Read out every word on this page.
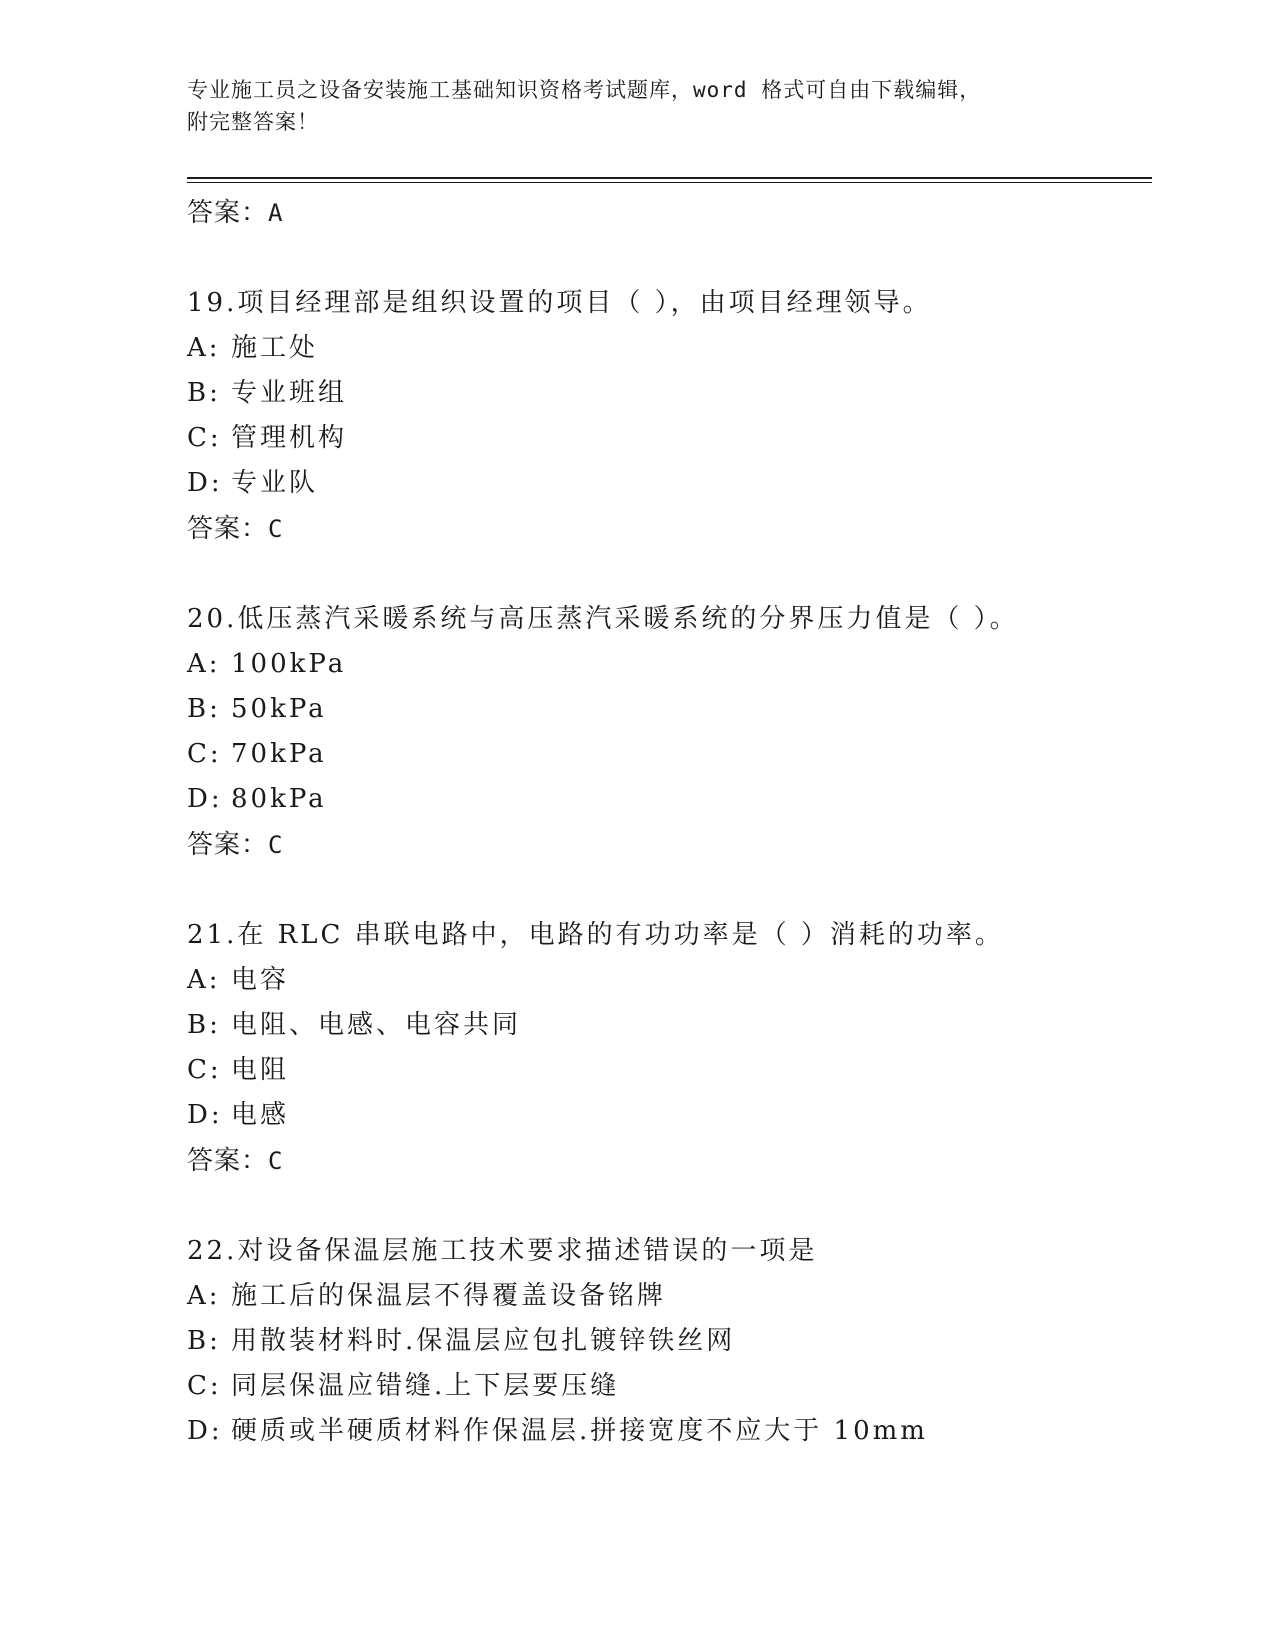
专业施工员之设备安装施工基础知识资格考试题库，word 格式可自由下载编辑，
附完整答案！
答案：A
19.项目经理部是组织设置的项目（ ），由项目经理领导。
A: 施工处
B: 专业班组
C: 管理机构
D: 专业队
答案：C
20.低压蒸汽采暖系统与高压蒸汽采暖系统的分界压力值是（ ）。
A: 100kPa
B: 50kPa
C: 70kPa
D: 80kPa
答案：C
21.在 RLC 串联电路中，电路的有功功率是（ ）消耗的功率。
A: 电容
B: 电阻、电感、电容共同
C: 电阻
D: 电感
答案：C
22.对设备保温层施工技术要求描述错误的一项是
A: 施工后的保温层不得覆盖设备铭牌
B: 用散装材料时.保温层应包扎镀锌铁丝网
C: 同层保温应错缝.上下层要压缝
D: 硬质或半硬质材料作保温层.拼接宽度不应大于 10mm
